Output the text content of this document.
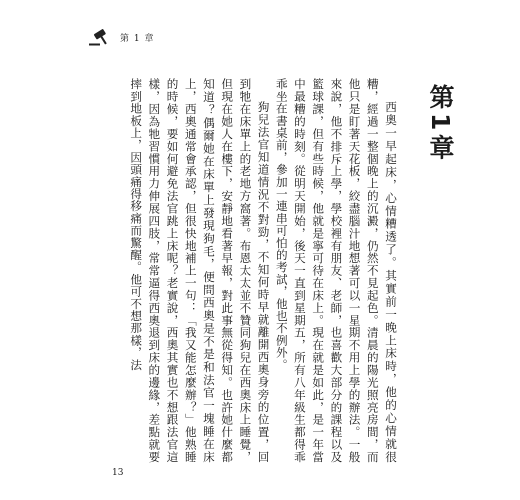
第 1 章
第1章

西奧一早起床，心情糟透了。其實前一晚上床時，他的心情就很糟，經過一整個晚上的沉澱，仍然不見起色。清晨的陽光照亮房間，而他只是盯著天花板，絞盡腦汁地想著可以一星期不用上學的辦法。一般來說，他不排斥上學，學校裡有朋友、老師，也喜歡大部分的課程以及籃球課，但有些時候，他就是寧可待在床上。現在就是如此，是一年當中最糟的時刻。從明天開始，後天一直到星期五，所有八年級生都得乖乖坐在書桌前，參加一連串可怕的考試，他也不例外。

狗兒法官知道情況不對勁，不知何時早就離開西奧身旁的位置，回到牠在床單上的老地方窩著。布恩太太並不贊同狗兒在西奧床上睡覺，但現在她人在樓下，安靜地看著早報，對此事無從得知。也許她什麼都知道？偶爾她在床單上發現狗毛，便問西奧是不是和法官一塊睡在床上，西奧通常會承認，但很快地補上一句：「我又能怎麼辦？」他熟睡的時候，要如何避免法官跳上床呢？老實說，西奧其實也不想跟法官這樣，因為牠習慣用力伸展四肢，常常逼得西奧退到床的邊緣，差點就要摔到地板上，因頭痛得移痛而驚醒。他可不想那樣，法

13
